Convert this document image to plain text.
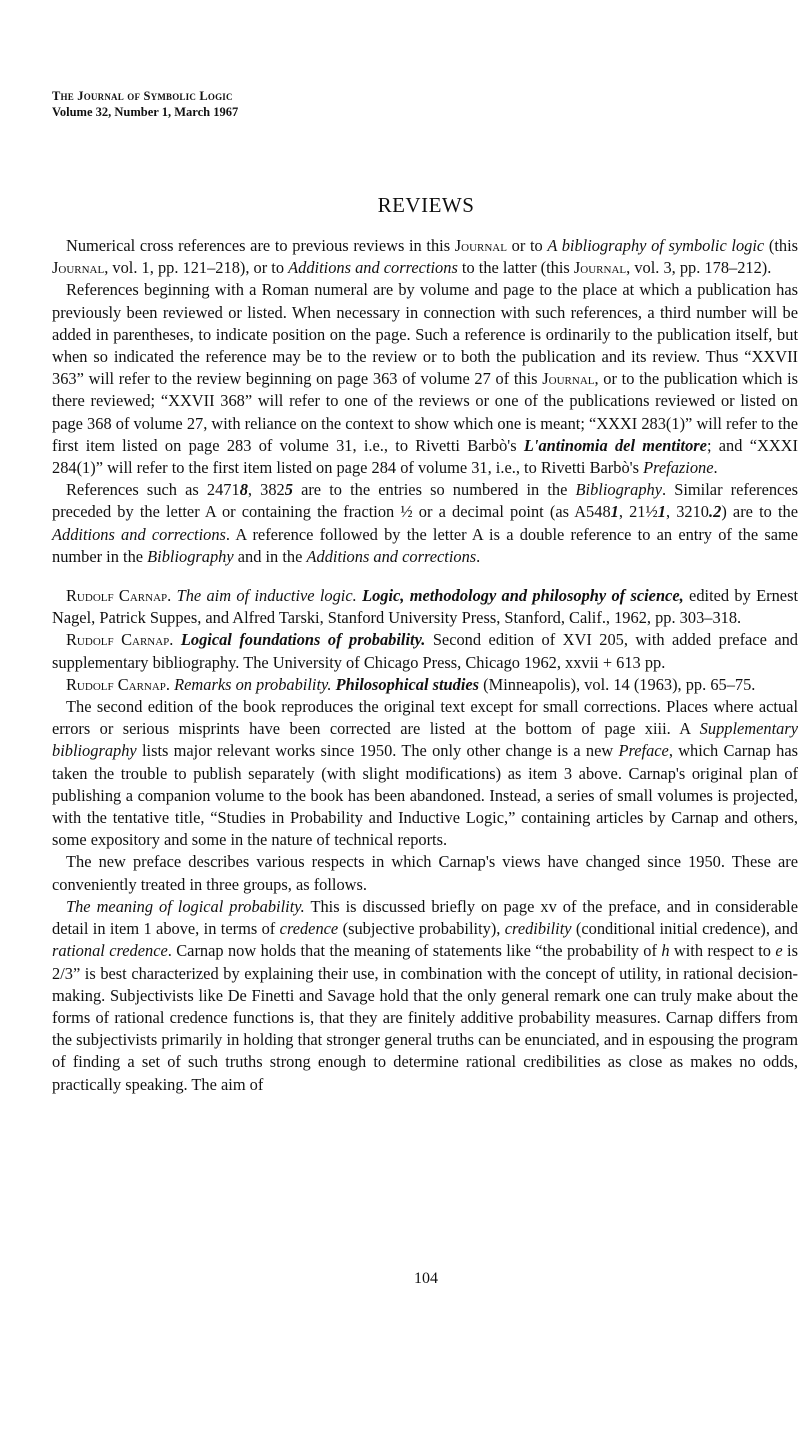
The Journal of Symbolic Logic
Volume 32, Number 1, March 1967
REVIEWS

Numerical cross references are to previous reviews in this Journal or to A bibliography of symbolic logic (this Journal, vol. 1, pp. 121–218), or to Additions and corrections to the latter (this Journal, vol. 3, pp. 178–212).

References beginning with a Roman numeral are by volume and page to the place at which a publication has previously been reviewed or listed. When necessary in connection with such references, a third number will be added in parentheses, to indicate position on the page. Such a reference is ordinarily to the publication itself, but when so indicated the reference may be to the review or to both the publication and its review. Thus “XXVII 363” will refer to the review beginning on page 363 of volume 27 of this Journal, or to the publication which is there reviewed; “XXVII 368” will refer to one of the reviews or one of the publications reviewed or listed on page 368 of volume 27, with reliance on the context to show which one is meant; “XXXI 283(1)” will refer to the first item listed on page 283 of volume 31, i.e., to Rivetti Barbò's L'antinomia del mentitore; and “XXXI 284(1)” will refer to the first item listed on page 284 of volume 31, i.e., to Rivetti Barbò's Prefazione.

References such as 24718, 3825 are to the entries so numbered in the Bibliography. Similar references preceded by the letter A or containing the fraction ½ or a decimal point (as A5481, 21½1, 3210.2) are to the Additions and corrections. A reference followed by the letter A is a double reference to an entry of the same number in the Bibliography and in the Additions and corrections.

Rudolf Carnap. The aim of inductive logic. Logic, methodology and philosophy of science, edited by Ernest Nagel, Patrick Suppes, and Alfred Tarski, Stanford University Press, Stanford, Calif., 1962, pp. 303–318.

Rudolf Carnap. Logical foundations of probability. Second edition of XVI 205, with added preface and supplementary bibliography. The University of Chicago Press, Chicago 1962, xxvii + 613 pp.

Rudolf Carnap. Remarks on probability. Philosophical studies (Minneapolis), vol. 14 (1963), pp. 65–75.

The second edition of the book reproduces the original text except for small corrections. Places where actual errors or serious misprints have been corrected are listed at the bottom of page xiii. A Supplementary bibliography lists major relevant works since 1950. The only other change is a new Preface, which Carnap has taken the trouble to publish separately (with slight modifications) as item 3 above. Carnap's original plan of publishing a companion volume to the book has been abandoned. Instead, a series of small volumes is projected, with the tentative title, “Studies in Probability and Inductive Logic,” containing articles by Carnap and others, some expository and some in the nature of technical reports.

The new preface describes various respects in which Carnap's views have changed since 1950. These are conveniently treated in three groups, as follows.

The meaning of logical probability. This is discussed briefly on page xv of the preface, and in considerable detail in item 1 above, in terms of credence (subjective probability), credibility (conditional initial credence), and rational credence. Carnap now holds that the meaning of statements like “the probability of h with respect to e is 2/3” is best characterized by explaining their use, in combination with the concept of utility, in rational decision-making. Subjectivists like De Finetti and Savage hold that the only general remark one can truly make about the forms of rational credence functions is, that they are finitely additive probability measures. Carnap differs from the subjectivists primarily in holding that stronger general truths can be enunciated, and in espousing the program of finding a set of such truths strong enough to determine rational credibilities as close as makes no odds, practically speaking. The aim of

104
